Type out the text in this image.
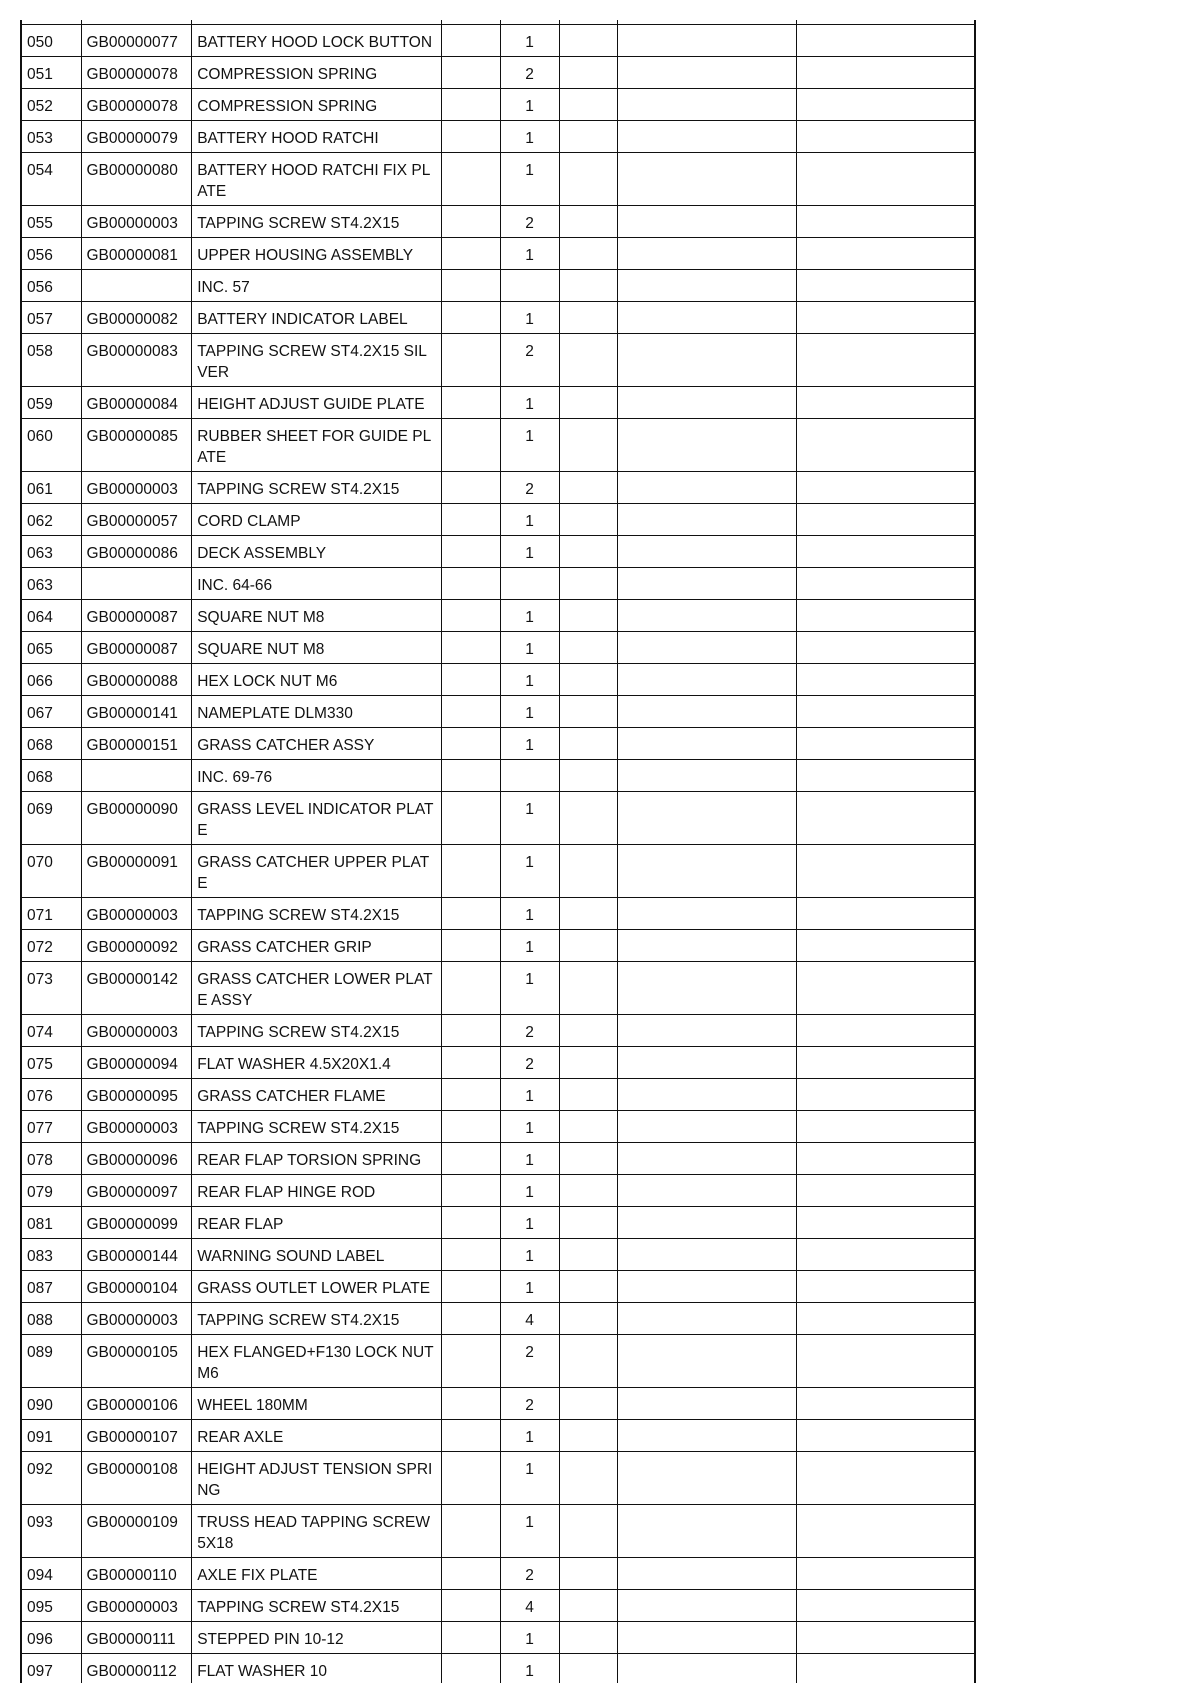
050	GB00000077	BATTERY HOOD LOCK BUTTON		1			
051	GB00000078	COMPRESSION SPRING		2			
052	GB00000078	COMPRESSION SPRING		1			
053	GB00000079	BATTERY HOOD RATCHI		1			
054	GB00000080	BATTERY HOOD RATCHI FIX PLATE		1			
055	GB00000003	TAPPING SCREW ST4.2X15		2			
056	GB00000081	UPPER HOUSING ASSEMBLY		1			
056		INC. 57					
057	GB00000082	BATTERY INDICATOR LABEL		1			
058	GB00000083	TAPPING SCREW ST4.2X15 SILVER		2			
059	GB00000084	HEIGHT ADJUST GUIDE PLATE		1			
060	GB00000085	RUBBER SHEET FOR GUIDE PLATE		1			
061	GB00000003	TAPPING SCREW ST4.2X15		2			
062	GB00000057	CORD CLAMP		1			
063	GB00000086	DECK ASSEMBLY		1			
063		INC. 64-66					
064	GB00000087	SQUARE NUT M8		1			
065	GB00000087	SQUARE NUT M8		1			
066	GB00000088	HEX LOCK NUT M6		1			
067	GB00000141	NAMEPLATE DLM330		1			
068	GB00000151	GRASS CATCHER ASSY		1			
068		INC. 69-76					
069	GB00000090	GRASS LEVEL INDICATOR PLATE		1			
070	GB00000091	GRASS CATCHER UPPER PLATE		1			
071	GB00000003	TAPPING SCREW ST4.2X15		1			
072	GB00000092	GRASS CATCHER GRIP		1			
073	GB00000142	GRASS CATCHER LOWER PLATE ASSY		1			
074	GB00000003	TAPPING SCREW ST4.2X15		2			
075	GB00000094	FLAT WASHER 4.5X20X1.4		2			
076	GB00000095	GRASS CATCHER FLAME		1			
077	GB00000003	TAPPING SCREW ST4.2X15		1			
078	GB00000096	REAR FLAP TORSION SPRING		1			
079	GB00000097	REAR FLAP HINGE ROD		1			
081	GB00000099	REAR FLAP		1			
083	GB00000144	WARNING SOUND LABEL		1			
087	GB00000104	GRASS OUTLET LOWER PLATE		1			
088	GB00000003	TAPPING SCREW ST4.2X15		4			
089	GB00000105	HEX FLANGED+F130 LOCK NUT M6		2			
090	GB00000106	WHEEL 180MM		2			
091	GB00000107	REAR AXLE		1			
092	GB00000108	HEIGHT ADJUST TENSION SPRING		1			
093	GB00000109	TRUSS HEAD TAPPING SCREW 5X18		1			
094	GB00000110	AXLE FIX PLATE		2			
095	GB00000003	TAPPING SCREW ST4.2X15		4			
096	GB00000111	STEPPED PIN 10-12		1			
097	GB00000112	FLAT WASHER 10		1			
